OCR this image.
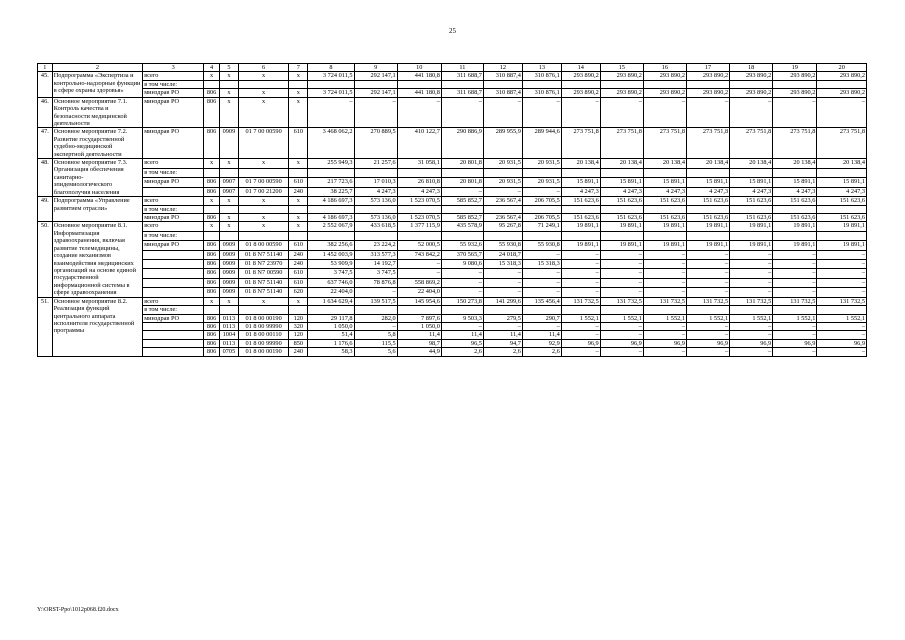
25
1	2	3	4	5	6	7	8	9	10	11	12	13	14	15	16	17	18	19	20
45.	Подпрограмма «Экспертиза и контрольно-надзорные функции в сфере охраны здоровья»	всего	x	x	x	x	3 724 011,5	292 147,1	441 180,8	311 688,7	310 887,4	310 876,1	293 890,2	293 890,2	293 890,2	293 890,2	293 890,2	293 890,2	293 890,2
		в том числе:																	
		минздрав РО	806	x	x	x	3 724 011,5	292 147,1	441 180,8	311 688,7	310 887,4	310 876,1	293 890,2	293 890,2	293 890,2	293 890,2	293 890,2	293 890,2	293 890,2
46.	Основное мероприятие 7.1. Контроль качества и безопасности медицинской деятельности	минздрав РО	806	x	x	x	–	–	–	–	–	–	–	–	–	–	–	–	–
47.	Основное мероприятие 7.2. Развитие государственной судебно-медицинской экспертной деятельности	минздрав РО	806	0909	01 7 00 00590	610	3 468 062,2	270 889,5	410 122,7	290 886,9	289 955,9	289 944,6	273 751,8	273 751,8	273 751,8	273 751,8	273 751,8	273 751,8	273 751,8
48.	Основное мероприятие 7.3. Организация обеспечения санитарно-эпидемиологического благополучия населения	всего	x	x	x	x	255 949,3	21 257,6	31 058,1	20 801,8	20 931,5	20 931,5	20 138,4	20 138,4	20 138,4	20 138,4	20 138,4	20 138,4	20 138,4
		в том числе:																	
		минздрав РО	806	0907	01 7 00 00590	610	217 723,6	17 010,3	26 810,8	20 801,8	20 931,5	20 931,5	15 891,1	15 891,1	15 891,1	15 891,1	15 891,1	15 891,1	15 891,1
			806	0907	01 7 00 21200	240	38 225,7	4 247,3	4 247,3	–	–	–	4 247,3	4 247,3	4 247,3	4 247,3	4 247,3	4 247,3	4 247,3
49.	Подпрограмма «Управление развитием отрасли»	всего	x	x	x	x	4 186 697,3	573 136,0	1 523 070,5	585 852,7	236 567,4	206 705,5	151 623,6	151 623,6	151 623,6	151 623,6	151 623,6	151 623,6	151 623,6
		в том числе:																	
		минздрав РО	806	x	x	x	4 186 697,3	573 136,0	1 523 070,5	585 852,7	236 567,4	206 705,5	151 623,6	151 623,6	151 623,6	151 623,6	151 623,6	151 623,6	151 623,6
50.	Основное мероприятие 8.1. Информатизация здравоохранения, включая развитие телемедицины, создание механизмов взаимодействия медицинских организаций на основе единой государственной информационной системы в сфере здравоохранения	всего	x	x	x	x	2 552 067,9	433 618,5	1 377 115,9	435 578,9	95 267,8	71 249,1	19 891,1	19 891,1	19 891,1	19 891,1	19 891,1	19 891,1	19 891,1
		в том числе:																	
		минздрав РО	806	0909	01 8 00 00590	610	382 256,6	23 224,2	52 000,5	55 932,6	55 930,8	55 930,8	19 891,1	19 891,1	19 891,1	19 891,1	19 891,1	19 891,1	19 891,1
			806	0909	01 8 N7 51140	240	1 452 003,9	313 577,3	743 842,2	370 565,7	24 018,7	–	–	–	–	–	–	–	–
			806	0909	01 8 N7 23970	240	53 909,9	14 192,7	–	9 080,6	15 318,3	15 318,3	–	–	–	–	–	–	–
			806	0909	01 8 N7 00590	610	3 747,5	3 747,5	–	–	–	–	–	–	–	–	–	–	–
			806	0909	01 8 N7 51140	610	637 746,0	78 876,8	558 869,2	–	–	–	–	–	–	–	–	–	–
			806	0909	01 8 N7 51140	620	22 404,0	–	22 404,0	–	–	–	–	–	–	–	–	–	–
51.	Основное мероприятие 8.2. Реализация функций центрального аппарата исполнителя государственной программы	всего	x	x	x	x	1 634 629,4	139 517,5	145 954,6	150 273,8	141 299,6	135 456,4	131 732,5	131 732,5	131 732,5	131 732,5	131 732,5	131 732,5	131 732,5
		в том числе:																	
		минздрав РО	806	0113	01 8 00 00190	120	29 117,8	282,0	7 897,6	9 503,3	279,5	290,7	1 552,1	1 552,1	1 552,1	1 552,1	1 552,1	1 552,1	1 552,1
			806	0113	01 8 00 99990	320	1 050,0	–	1 050,0	–	–	–	–	–	–	–	–	–	–
			806	1004	01 8 00 00110	120	51,4	5,8	11,4	11,4	11,4	11,4	–	–	–	–	–	–	–
			806	0113	01 8 00 99990	850	1 176,6	115,5	98,7	96,5	94,7	92,9	96,9	96,9	96,9	96,9	96,9	96,9	96,9
			806	0705	01 8 00 00190	240	58,3	5,6	44,9	2,6	2,6	2,6	–	–	–	–	–	–	–
Y:\ORST-Ppo\1012p068.f20.docx
